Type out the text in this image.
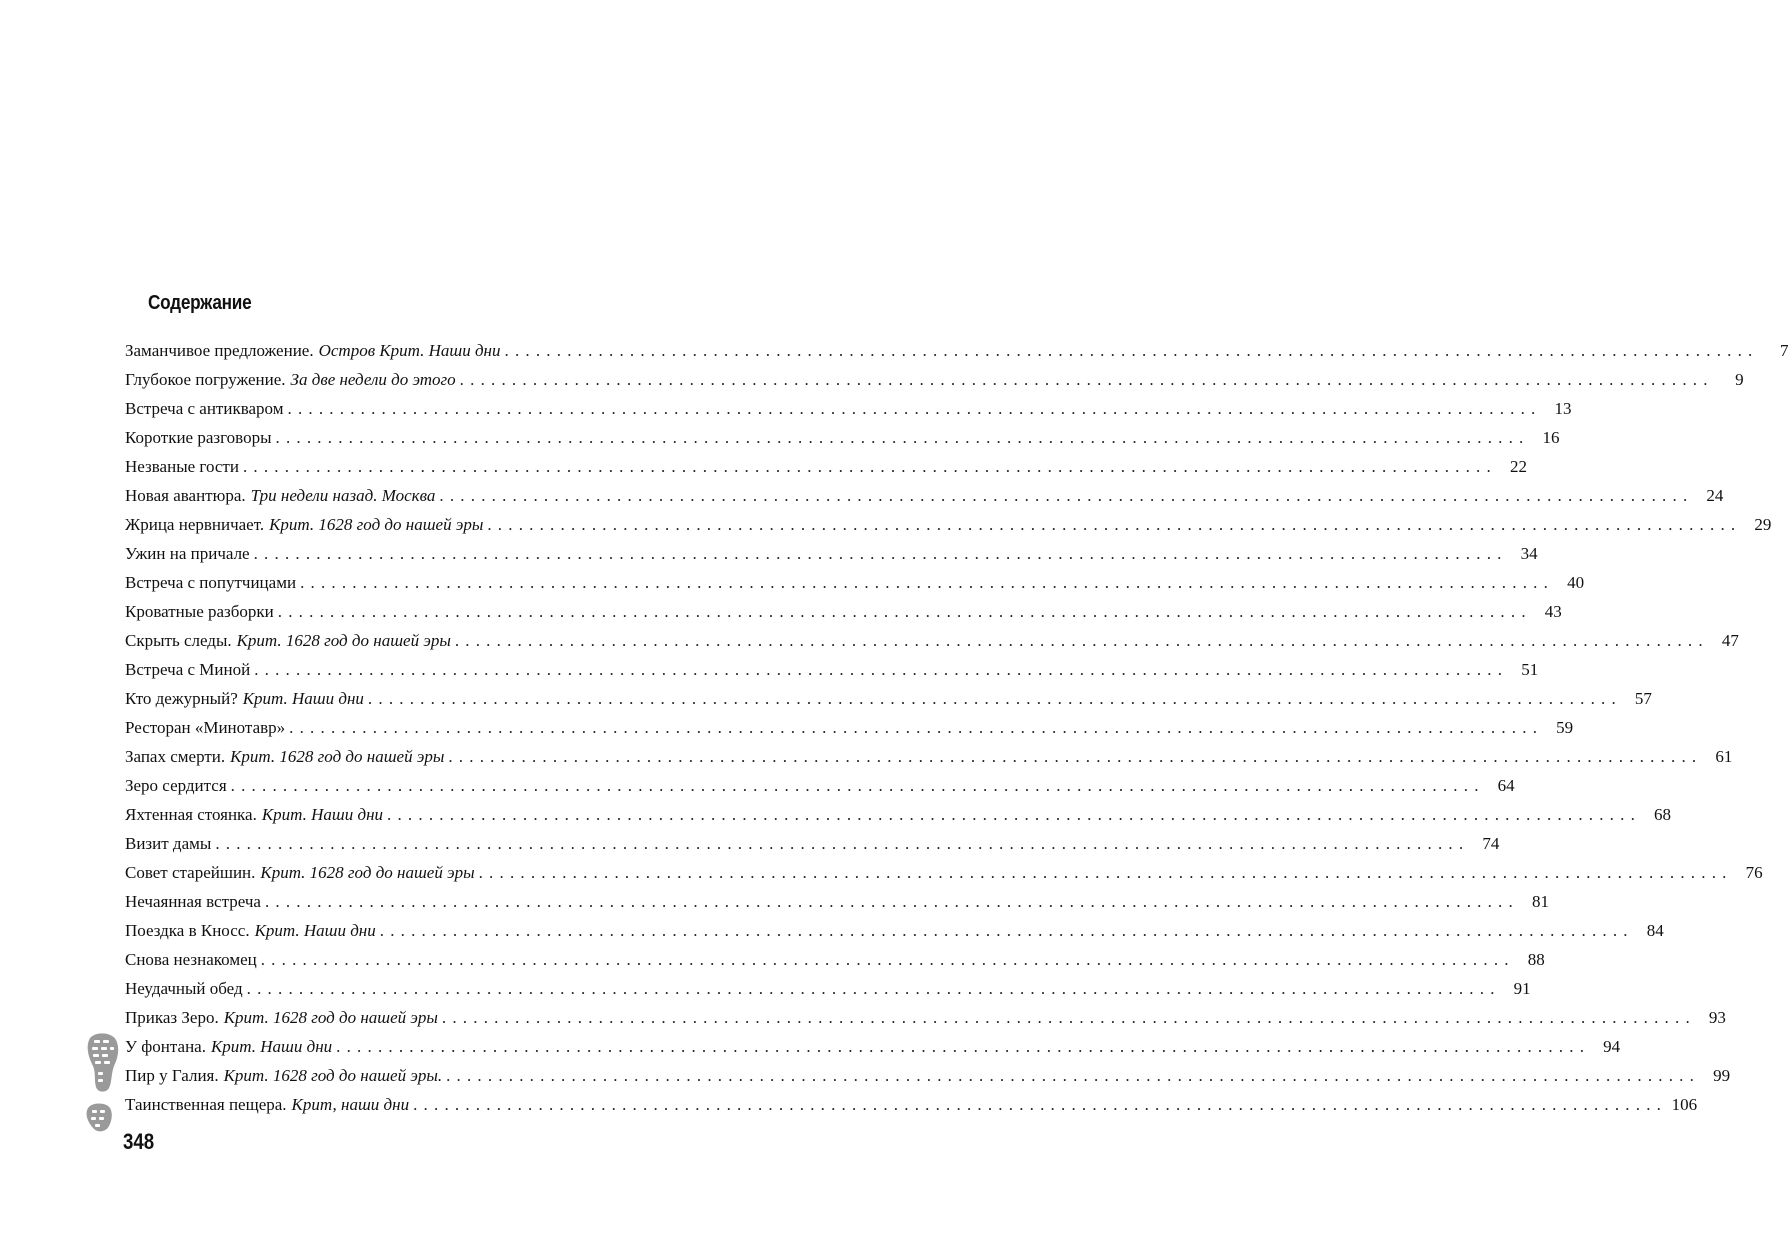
Содержание
Заманчивое предложение. Остров Крит. Наши дни ........................................................................................................................	7
Глубокое погружение. За две недели до этого ........................................................................................................................	9
Встреча с антикваром ........................................................................................................................ 13
Короткие разговоры ........................................................................................................................ 16
Незваные гости ........................................................................................................................ 22
Новая авантюра. Три недели назад. Москва ........................................................................................................................ 24
Жрица нервничает. Крит. 1628 год до нашей эры ........................................................................................................................ 29
Ужин на причале ........................................................................................................................ 34
Встреча с попутчицами ........................................................................................................................ 40
Кроватные разборки ........................................................................................................................ 43
Скрыть следы. Крит. 1628 год до нашей эры ........................................................................................................................ 47
Встреча с Миной ........................................................................................................................ 51
Кто дежурный? Крит. Наши дни ........................................................................................................................ 57
Ресторан «Минотавр» ........................................................................................................................ 59
Запах смерти. Крит. 1628 год до нашей эры ........................................................................................................................ 61
Зеро сердится ........................................................................................................................ 64
Яхтенная стоянка. Крит. Наши дни ........................................................................................................................ 68
Визит дамы ........................................................................................................................ 74
Совет старейшин. Крит. 1628 год до нашей эры ........................................................................................................................ 76
Нечаянная встреча ........................................................................................................................ 81
Поездка в Кносс. Крит. Наши дни ........................................................................................................................ 84
Снова незнакомец ........................................................................................................................ 88
Неудачный обед ........................................................................................................................ 91
Приказ Зеро. Крит. 1628 год до нашей эры ........................................................................................................................ 93
У фонтана. Крит. Наши дни ........................................................................................................................ 94
Пир у Галия. Крит. 1628 год до нашей эры. ........................................................................................................................ 99
Таинственная пещера. Крит, наши дни ........................................................................................................................ 106
348
